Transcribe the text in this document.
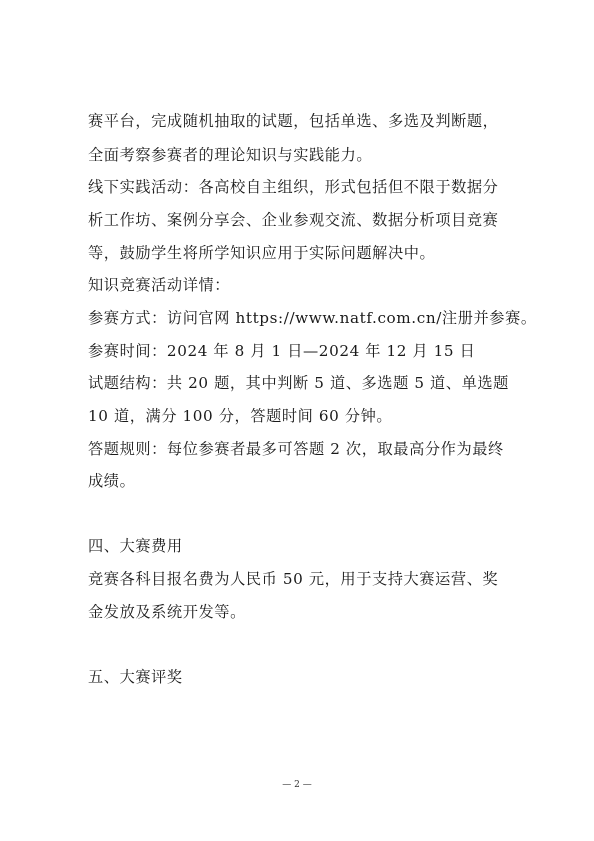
赛平台，完成随机抽取的试题，包括单选、多选及判断题，
全面考察参赛者的理论知识与实践能力。
线下实践活动：各高校自主组织，形式包括但不限于数据分
析工作坊、案例分享会、企业参观交流、数据分析项目竞赛
等，鼓励学生将所学知识应用于实际问题解决中。
知识竞赛活动详情：
参赛方式：访问官网 https://www.natf.com.cn/注册并参赛。
参赛时间：2024 年 8 月 1 日—2024 年 12 月 15 日
试题结构：共 20 题，其中判断 5 道、多选题 5 道、单选题
10 道，满分 100 分，答题时间 60 分钟。
答题规则：每位参赛者最多可答题 2 次，取最高分作为最终
成绩。
四、大赛费用
竞赛各科目报名费为人民币 50 元，用于支持大赛运营、奖
金发放及系统开发等。
五、大赛评奖
— 2 —
